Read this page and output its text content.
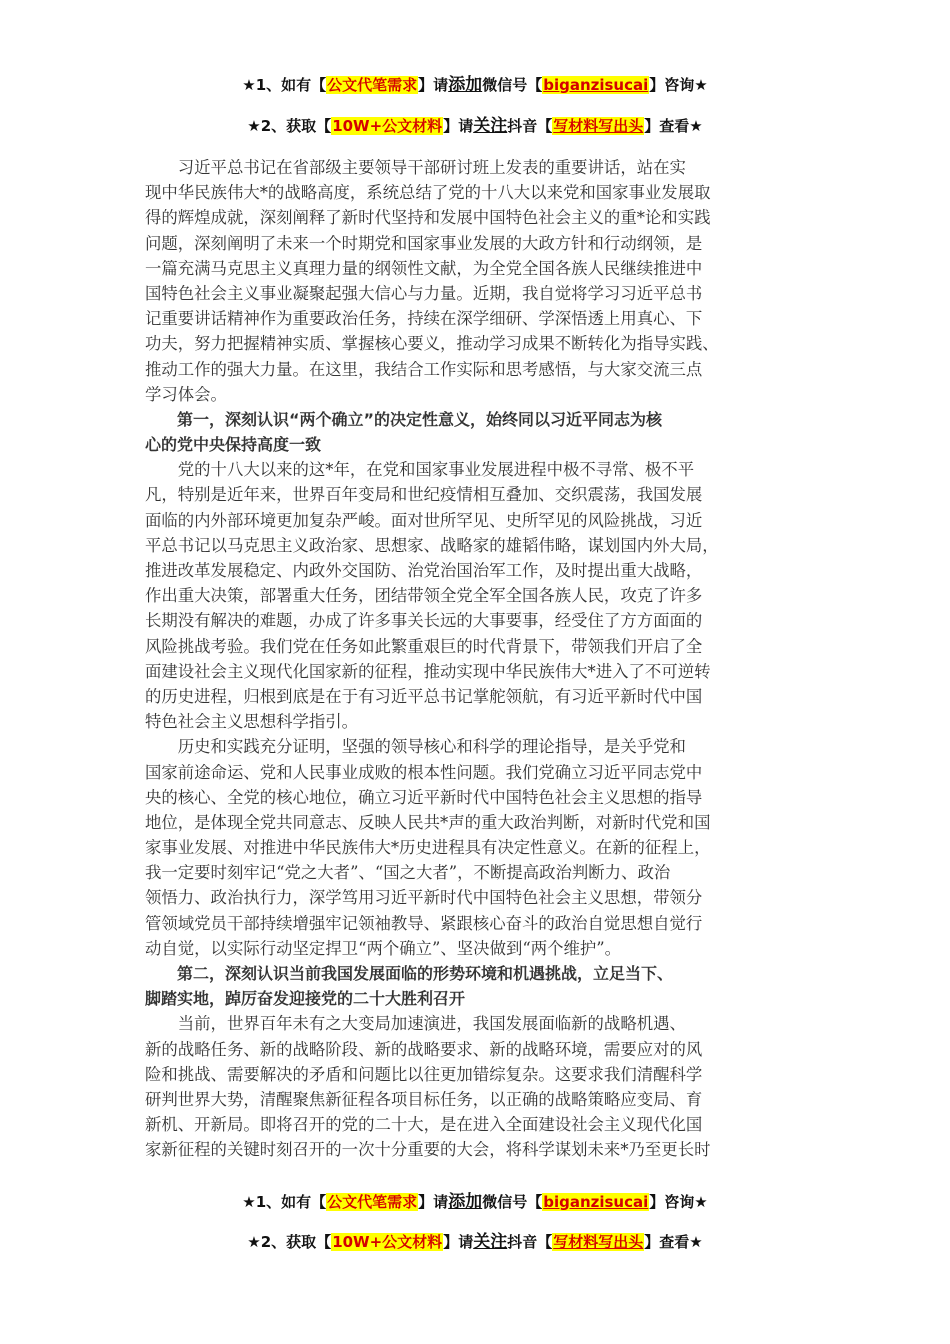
★1、如有【公文代笔需求】请添加微信号【biganzisucai】咨询★
★2、获取【10W+公文材料】请关注抖音【写材料写出头】查看★
　　习近平总书记在省部级主要领导干部研讨班上发表的重要讲话，站在实
现中华民族伟大*的战略高度，系统总结了党的十八大以来党和国家事业发展取
得的辉煌成就，深刻阐释了新时代坚持和发展中国特色社会主义的重*论和实践
问题，深刻阐明了未来一个时期党和国家事业发展的大政方针和行动纲领，是
一篇充满马克思主义真理力量的纲领性文献，为全党全国各族人民继续推进中
国特色社会主义事业凝聚起强大信心与力量。近期，我自觉将学习习近平总书
记重要讲话精神作为重要政治任务，持续在深学细研、学深悟透上用真心、下
功夫，努力把握精神实质、掌握核心要义，推动学习成果不断转化为指导实践、
推动工作的强大力量。在这里，我结合工作实际和思考感悟，与大家交流三点
学习体会。
　　第一，深刻认识“两个确立”的决定性意义，始终同以习近平同志为核
心的党中央保持高度一致
　　党的十八大以来的这*年，在党和国家事业发展进程中极不寻常、极不平
凡，特别是近年来，世界百年变局和世纪疫情相互叠加、交织震荡，我国发展
面临的内外部环境更加复杂严峻。面对世所罕见、史所罕见的风险挑战，习近
平总书记以马克思主义政治家、思想家、战略家的雄韬伟略，谋划国内外大局，
推进改革发展稳定、内政外交国防、治党治国治军工作，及时提出重大战略，
作出重大决策，部署重大任务，团结带领全党全军全国各族人民，攻克了许多
长期没有解决的难题，办成了许多事关长远的大事要事，经受住了方方面面的
风险挑战考验。我们党在任务如此繁重艰巨的时代背景下，带领我们开启了全
面建设社会主义现代化国家新的征程，推动实现中华民族伟大*进入了不可逆转
的历史进程，归根到底是在于有习近平总书记掌舵领航，有习近平新时代中国
特色社会主义思想科学指引。
　　历史和实践充分证明，坚强的领导核心和科学的理论指导，是关乎党和
国家前途命运、党和人民事业成败的根本性问题。我们党确立习近平同志党中
央的核心、全党的核心地位，确立习近平新时代中国特色社会主义思想的指导
地位，是体现全党共同意志、反映人民共*声的重大政治判断，对新时代党和国
家事业发展、对推进中华民族伟大*历史进程具有决定性意义。在新的征程上，
我一定要时刻牢记“党之大者”、“国之大者”，不断提高政治判断力、政治
领悟力、政治执行力，深学笃用习近平新时代中国特色社会主义思想，带领分
管领域党员干部持续增强牢记领袖教导、紧跟核心奋斗的政治自觉思想自觉行
动自觉，以实际行动坚定捍卫“两个确立”、坚决做到“两个维护”。
　　第二，深刻认识当前我国发展面临的形势环境和机遇挑战，立足当下、
脚踏实地，踔厉奋发迎接党的二十大胜利召开
　　当前，世界百年未有之大变局加速演进，我国发展面临新的战略机遇、
新的战略任务、新的战略阶段、新的战略要求、新的战略环境，需要应对的风
险和挑战、需要解决的矛盾和问题比以往更加错综复杂。这要求我们清醒科学
研判世界大势，清醒聚焦新征程各项目标任务，以正确的战略策略应变局、育
新机、开新局。即将召开的党的二十大，是在进入全面建设社会主义现代化国
家新征程的关键时刻召开的一次十分重要的大会，将科学谋划未来*乃至更长时
★1、如有【公文代笔需求】请添加微信号【biganzisucai】咨询★
★2、获取【10W+公文材料】请关注抖音【写材料写出头】查看★
